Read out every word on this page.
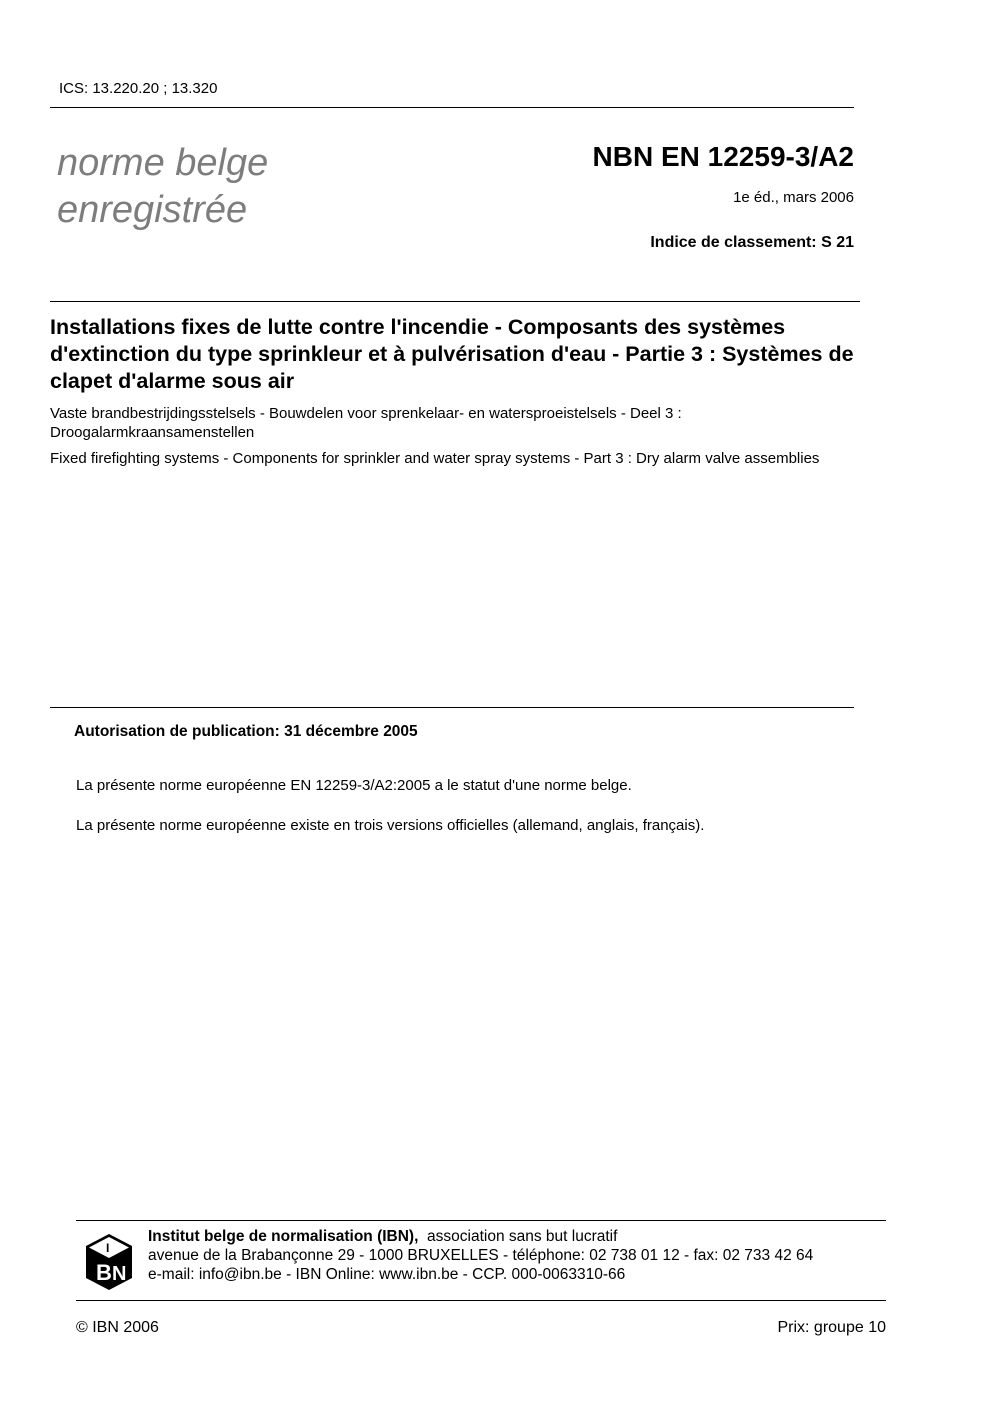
ICS: 13.220.20 ; 13.320
norme belge
enregistrée
NBN EN 12259-3/A2
1e éd., mars 2006
Indice de classement: S 21
Installations fixes de lutte contre l'incendie - Composants des systèmes d'extinction du type sprinkleur et à pulvérisation d'eau - Partie 3 : Systèmes de clapet d'alarme sous air
Vaste brandbestrijdingsstelsels - Bouwdelen voor sprenkelaar- en watersproeistelsels - Deel 3 : Droogalarmkraansamenstellen
Fixed firefighting systems - Components for sprinkler and water spray systems - Part 3 : Dry alarm valve assemblies
Autorisation de publication: 31 décembre 2005
La présente norme européenne EN 12259-3/A2:2005 a le statut d'une norme belge.
La présente norme européenne existe en trois versions officielles (allemand, anglais, français).
B N
I
Institut belge de normalisation (IBN), association sans but lucratif
avenue de la Brabançonne 29 - 1000 BRUXELLES - téléphone: 02 738 01 12 - fax: 02 733 42 64
e-mail: info@ibn.be - IBN Online: www.ibn.be - CCP. 000-0063310-66
© IBN 2006	Prix: groupe 10
